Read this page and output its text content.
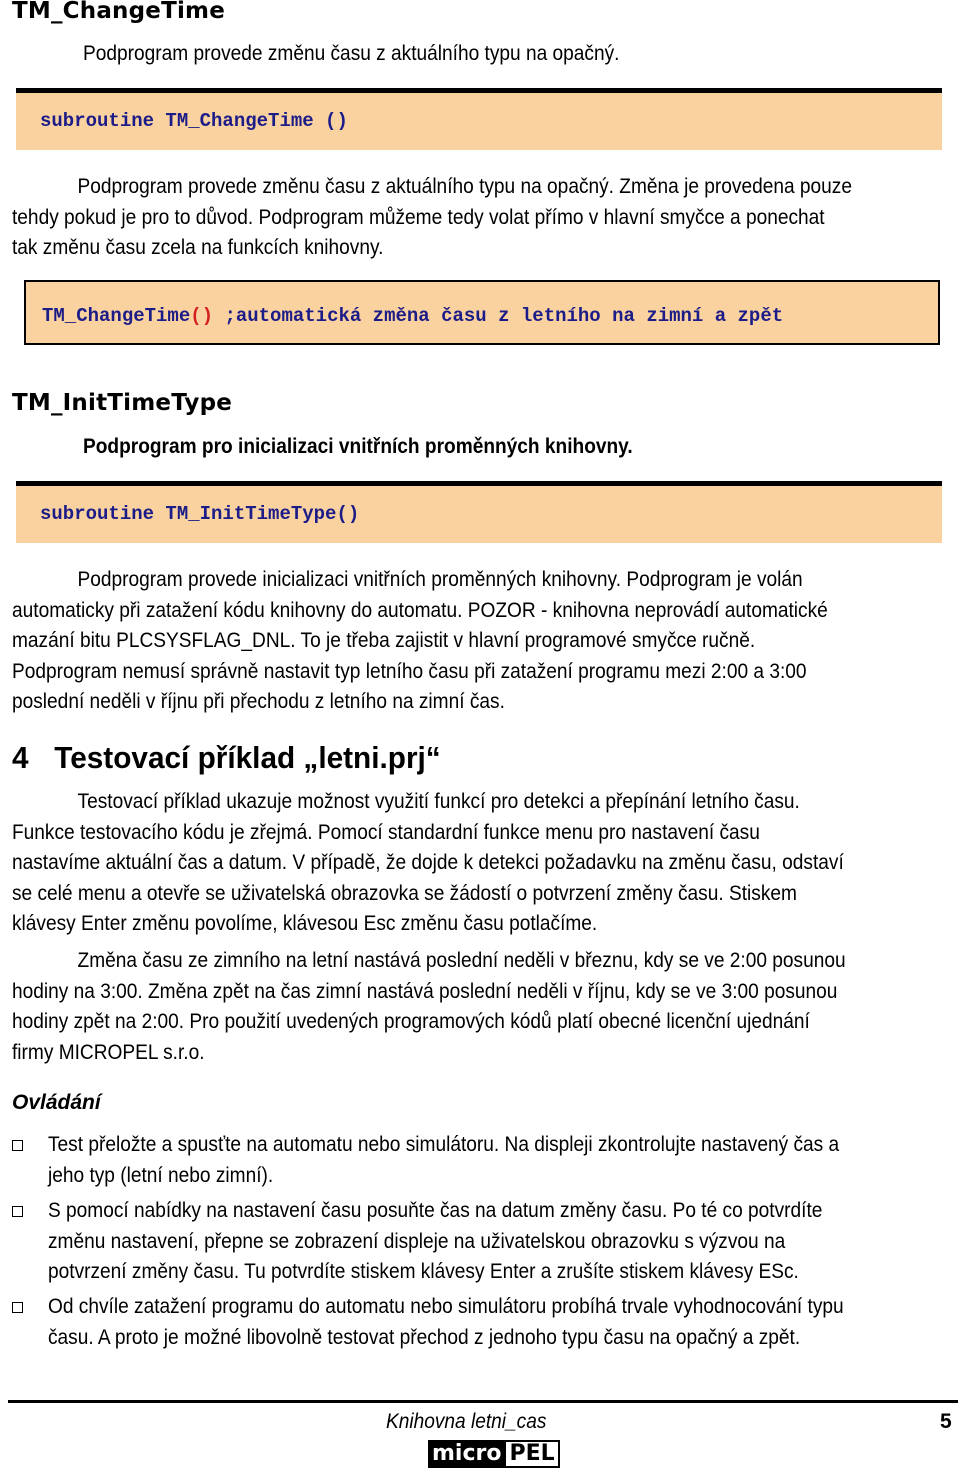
TM_ChangeTime
Podprogram provede změnu času z aktuálního typu na opačný.
subroutine TM_ChangeTime ()
Podprogram provede změnu času z aktuálního typu na opačný. Změna je provedena pouze
tehdy pokud je pro to důvod. Podprogram můžeme tedy volat přímo v hlavní smyčce a ponechat
tak změnu času zcela na funkcích knihovny.
TM_ChangeTime() ;automatická změna času z letního na zimní a zpět
TM_InitTimeType
Podprogram pro inicializaci vnitřních proměnných knihovny.
subroutine TM_InitTimeType()
Podprogram provede inicializaci vnitřních proměnných knihovny. Podprogram je volán
automaticky při zatažení kódu knihovny do automatu. POZOR - knihovna neprovádí automatické
mazání bitu PLCSYSFLAG_DNL. To je třeba zajistit v hlavní programové smyčce ručně.
Podprogram nemusí správně nastavit typ letního času při zatažení programu mezi 2:00 a 3:00
poslední neděli v říjnu při přechodu z letního na zimní čas.
4 Testovací příklad „letni.prj“
Testovací příklad ukazuje možnost využití funkcí pro detekci a přepínání letního času.
Funkce testovacího kódu je zřejmá. Pomocí standardní funkce menu pro nastavení času
nastavíme aktuální čas a datum. V případě, že dojde k detekci požadavku na změnu času, odstaví
se celé menu a otevře se uživatelská obrazovka se žádostí o potvrzení změny času. Stiskem
klávesy Enter změnu povolíme, klávesou Esc změnu času potlačíme.
Změna času ze zimního na letní nastává poslední neděli v březnu, kdy se ve 2:00 posunou
hodiny na 3:00. Změna zpět na čas zimní nastává poslední neděli v říjnu, kdy se ve 3:00 posunou
hodiny zpět na 2:00. Pro použití uvedených programových kódů platí obecné licenční ujednání
firmy MICROPEL s.r.o.
Ovládání
Test přeložte a spusťte na automatu nebo simulátoru. Na displeji zkontrolujte nastavený čas a
jeho typ (letní nebo zimní).
S pomocí nabídky na nastavení času posuňte čas na datum změny času. Po té co potvrdíte
změnu nastavení, přepne se zobrazení displeje na uživatelskou obrazovku s výzvou na
potvrzení změny času. Tu potvrdíte stiskem klávesy Enter a zrušíte stiskem klávesy ESc.
Od chvíle zatažení programu do automatu nebo simulátoru probíhá trvale vyhodnocování typu
času. A proto je možné libovolně testovat přechod z jednoho typu času na opačný a zpět.
Knihovna letni_cas	5
micro PEL
